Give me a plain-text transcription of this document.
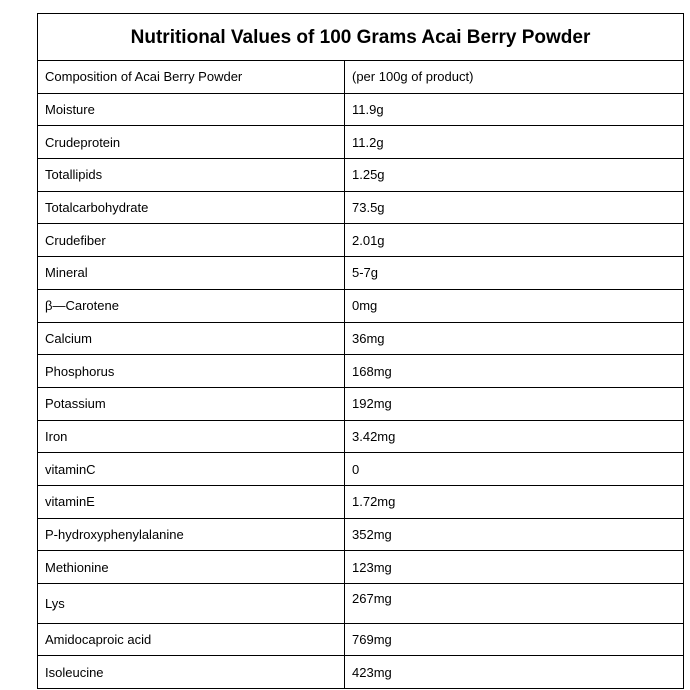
Nutritional Values of 100 Grams Acai Berry Powder	
Composition of Acai Berry Powder	(per 100g of product)
Moisture	11.9g
Crudeprotein	11.2g
Totallipids	1.25g
Totalcarbohydrate	73.5g
Crudefiber	2.01g
Mineral	5-7g
β—Carotene	0mg
Calcium	36mg
Phosphorus	168mg
Potassium	192mg
Iron	3.42mg
vitaminC	0
vitaminE	1.72mg
P-hydroxyphenylalanine	352mg
Methionine	123mg
Lys	267mg
Amidocaproic acid	769mg
Isoleucine	423mg
